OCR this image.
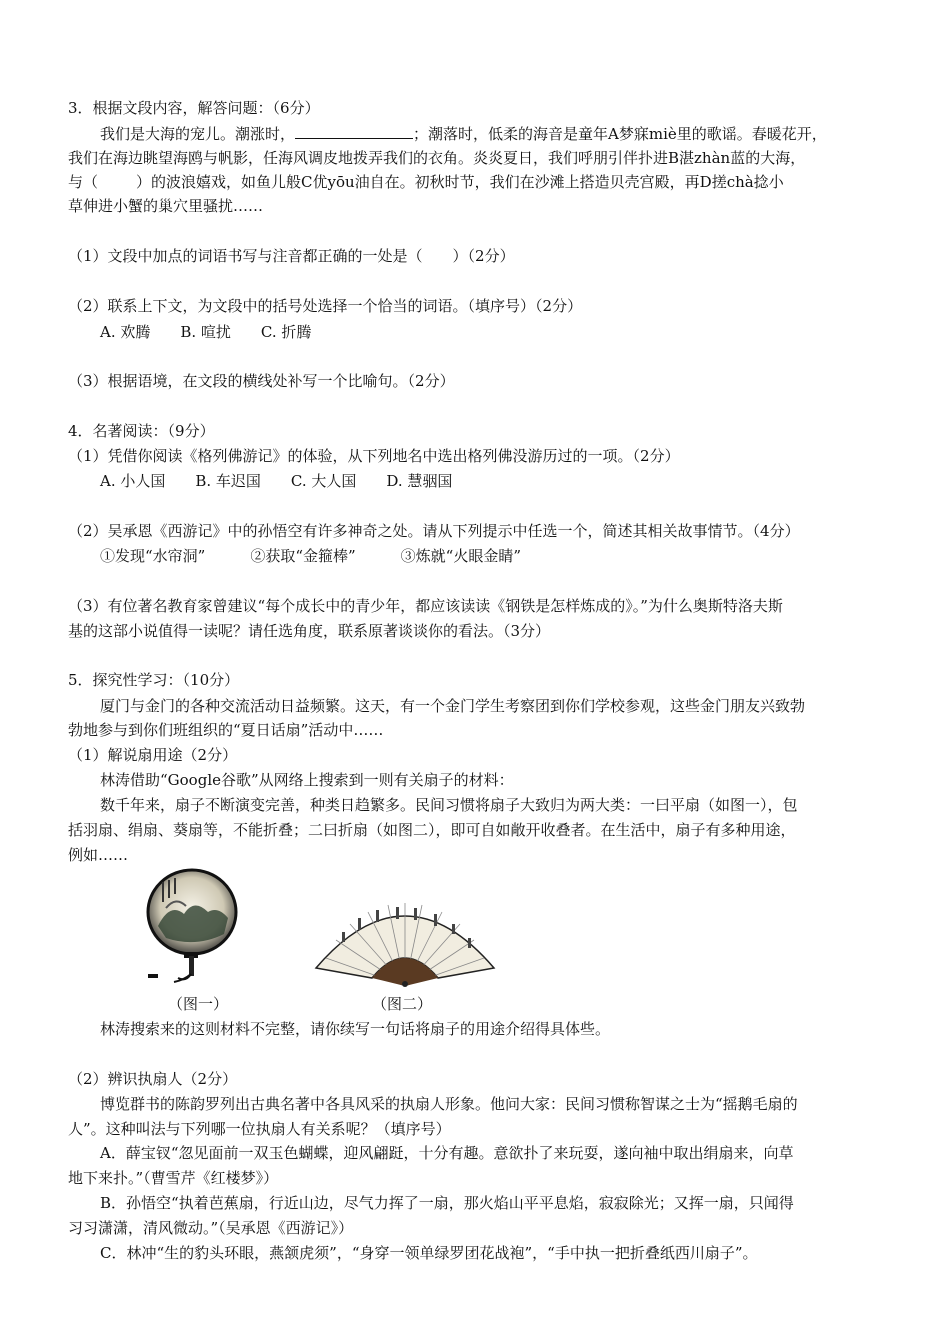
3．根据文段内容，解答问题：（6分）
我们是大海的宠儿。潮涨时，	；潮落时，低柔的海音是童年A梦寐miè里的歌谣。春暖花开，
我们在海边眺望海鸥与帆影，任海风调皮地拨弄我们的衣角。炎炎夏日，我们呼朋引伴扑进B湛zhàn蓝的大海，
与（	）的波浪嬉戏，如鱼儿般C优yōu油自在。初秋时节，我们在沙滩上搭造贝壳宫殿，再D搓chà捻小
草伸进小蟹的巢穴里骚扰……
（1）文段中加点的词语书写与注音都正确的一处是（　　）（2分）
（2）联系上下文，为文段中的括号处选择一个恰当的词语。（填序号）（2分）
A. 欢腾　　B. 喧扰　　C. 折腾
（3）根据语境，在文段的横线处补写一个比喻句。（2分）
4．名著阅读：（9分）
（1）凭借你阅读《格列佛游记》的体验，从下列地名中选出格列佛没游历过的一项。（2分）
A. 小人国　　B. 车迟国　　C. 大人国　　D. 慧骃国
（2）吴承恩《西游记》中的孙悟空有许多神奇之处。请从下列提示中任选一个，简述其相关故事情节。（4分）
①发现“水帘洞”　　　②获取“金箍棒”　　　③炼就“火眼金睛”
（3）有位著名教育家曾建议“每个成长中的青少年，都应该读读《钢铁是怎样炼成的》。”为什么奥斯特洛夫斯
基的这部小说值得一读呢？请任选角度，联系原著谈谈你的看法。（3分）
5．探究性学习：（10分）
厦门与金门的各种交流活动日益频繁。这天，有一个金门学生考察团到你们学校参观，这些金门朋友兴致勃
勃地参与到你们班组织的“夏日话扇”活动中……
（1）解说扇用途（2分）
林涛借助“Google谷歌”从网络上搜索到一则有关扇子的材料：
数千年来，扇子不断演变完善，种类日趋繁多。民间习惯将扇子大致归为两大类：一曰平扇（如图一），包
括羽扇、绢扇、葵扇等，不能折叠；二曰折扇（如图二），即可自如敞开收叠者。在生活中，扇子有多种用途，
例如……
（图一）	（图二）
林涛搜索来的这则材料不完整，请你续写一句话将扇子的用途介绍得具体些。
（2）辨识执扇人（2分）
博览群书的陈韵罗列出古典名著中各具风采的执扇人形象。他问大家：民间习惯称智谋之士为“摇鹅毛扇的
人”。这种叫法与下列哪一位执扇人有关系呢？（填序号）
A．薛宝钗“忽见面前一双玉色蝴蝶，迎风翩跹，十分有趣。意欲扑了来玩耍，遂向袖中取出绢扇来，向草
地下来扑。”（曹雪芹《红楼梦》）
B．孙悟空“执着芭蕉扇，行近山边，尽气力挥了一扇，那火焰山平平息焰，寂寂除光；又挥一扇，只闻得
习习潇潇，清风微动。”（吴承恩《西游记》）
C．林冲“生的豹头环眼，燕颔虎须”，“身穿一领单绿罗团花战袍”，“手中执一把折叠纸西川扇子”。
